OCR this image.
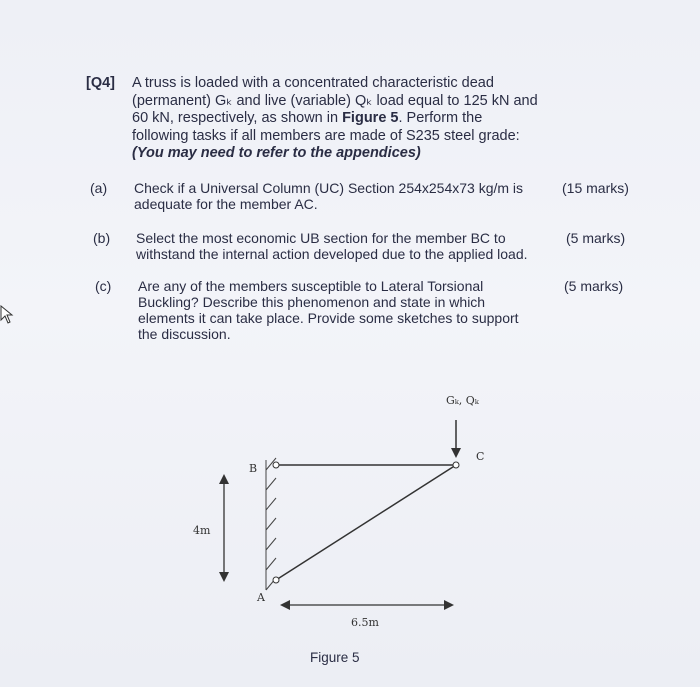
[Q4] A truss is loaded with a concentrated characteristic dead
(permanent) Gₖ and live (variable) Qₖ load equal to 125 kN and
60 kN, respectively, as shown in Figure 5. Perform the
following tasks if all members are made of S235 steel grade:
(You may need to refer to the appendices)
(a) Check if a Universal Column (UC) Section 254x254x73 kg/m is
adequate for the member AC.
(15 marks)
(b) Select the most economic UB section for the member BC to
withstand the internal action developed due to the applied load.
(5 marks)
(c) Are any of the members susceptible to Lateral Torsional
Buckling? Describe this phenomenon and state in which
elements it can take place. Provide some sketches to support
the discussion.
(5 marks)
Gₖ, Qₖ
B
C
A
4m
6.5m
Figure 5
